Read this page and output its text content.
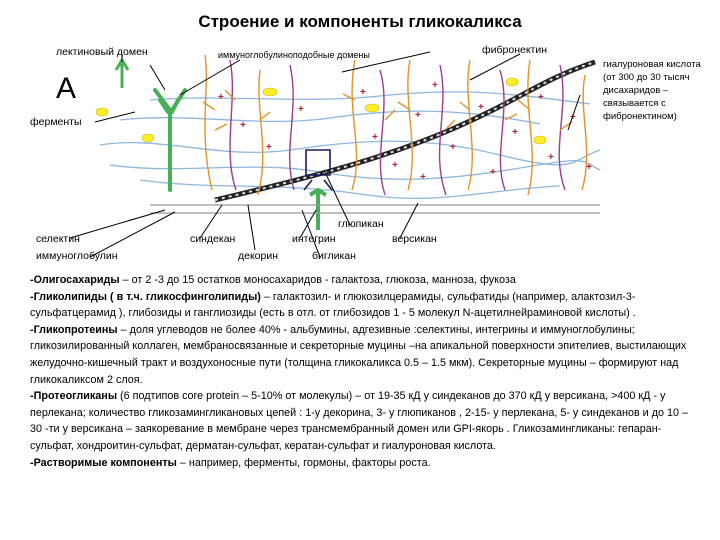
Строение и компоненты гликокаликса
+
+
+
+
+
+
+
+
+
+
+
+
+
+
+
+
+
+
лектиновый домен	иммуноглобулиноподобные домены	фибронектин
А
ферменты
гиалуроновая кислота (от 300 до 30 тысяч дисахаридов – связывается с фибронектином)
глюпикан
селектин	синдекан	интегрин	версикан
иммуноглобулин	декорин	бигликан

-Олигосахариды – от 2 -3 до 15 остатков моносахаридов - галактоза, глюкоза, манноза, фукоза

-Гликолипиды ( в т.ч. гликосфинголипиды) – галактозил- и глюкозилцерамиды, сульфатиды (например, алактозил-3-сульфатцерамид ), глибозиды и ганглиозиды (есть в отл. от глибозидов 1 - 5 молекул N-ацетилнейраминовой кислоты) .

-Гликопротеины – доля углеводов не более 40% - альбумины, адгезивные :селектины, интегрины и иммуноглобулины; гликозилированный коллаген, мембраносвязанные и секреторные муцины –на апикальной поверхности эпителиев, выстилающих желудочно-кишечный тракт и воздухоносные пути (толщина гликокаликса 0.5 – 1.5 мкм). Секреторные муцины – формируют над гликокаликсом 2 слоя.

-Протеогликаны (6 подтипов core protein – 5-10% от молекулы) – от 19-35 кД у синдеканов до 370 кД у версикана, >400 кД - у перлекана; количество гликозамингликановых цепей : 1-у декорина, 3- у глюпиканов , 2-15- у перлекана, 5- у синдеканов и до 10 – 30 -ти у версикана – заякоревание в мембране через трансмембранный домен или GPI-якорь . Гликозамингликаны: гепаран-сульфат, хондроитин-сульфат, дерматан-сульфат, кератан-сульфат и гиалуроновая кислота.

-Растворимые компоненты – например, ферменты, гормоны, факторы роста.
